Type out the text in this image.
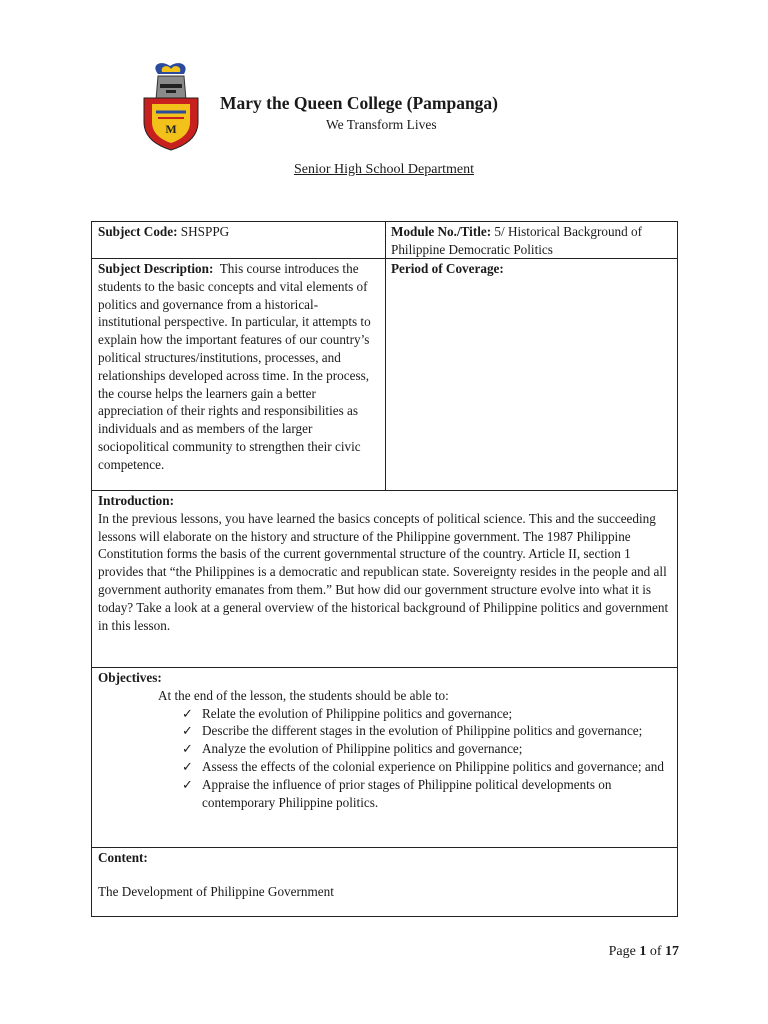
M
Mary the Queen College (Pampanga)
We Transform Lives
Senior High School Department
Subject Code: SHSPPG	Module No./Title: 5/ Historical Background of Philippine Democratic Politics
Subject Description: This course introduces the students to the basic concepts and vital elements of politics and governance from a historical-institutional perspective. In particular, it attempts to explain how the important features of our country’s political structures/institutions, processes, and relationships developed across time. In the process, the course helps the learners gain a better appreciation of their rights and responsibilities as individuals and as members of the larger sociopolitical community to strengthen their civic competence.
Period of Coverage:
Introduction:
In the previous lessons, you have learned the basics concepts of political science. This and the succeeding lessons will elaborate on the history and structure of the Philippine government. The 1987 Philippine Constitution forms the basis of the current governmental structure of the country. Article II, section 1 provides that “the Philippines is a democratic and republican state. Sovereignty resides in the people and all government authority emanates from them.” But how did our government structure evolve into what it is today? Take a look at a general overview of the historical background of Philippine politics and government in this lesson.
Objectives:
At the end of the lesson, the students should be able to:
✓ Relate the evolution of Philippine politics and governance;
✓ Describe the different stages in the evolution of Philippine politics and governance;
✓ Analyze the evolution of Philippine politics and governance;
✓ Assess the effects of the colonial experience on Philippine politics and governance; and
✓ Appraise the influence of prior stages of Philippine political developments on contemporary Philippine politics.
Content:
The Development of Philippine Government
Page 1 of 17
